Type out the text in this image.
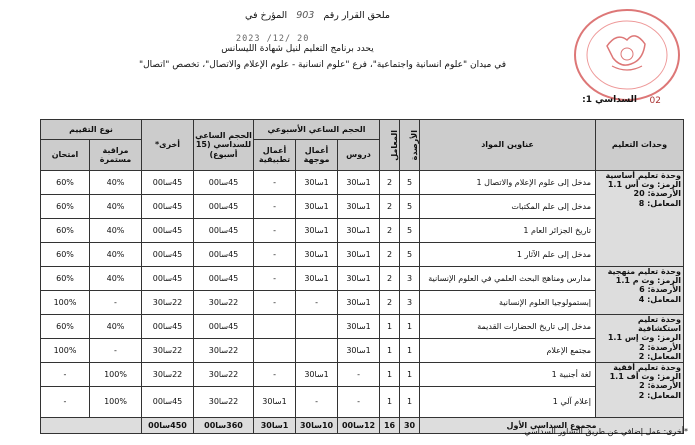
ملحق القرار رقم 903 المؤرخ في
2023 /12/ 20
يحدد برنامج التعليم لنيل شهادة الليسانس
في ميدان "علوم انسانية واجتماعية"، فرع "علوم انسانية - علوم الإعلام والاتصال"، تخصص "اتصال"
السداسي 1: 02
وحدات التعليم	عناوين المواد	الأرصدة	المعامل	الحجم الساعي الأسبوعي			الحجم الساعي للسداسي (15 أسبوع)	أخرى*	نوع التقييم	
				دروس	أعمال موجهة	أعمال تطبيقية			مراقبة مستمرة	امتحان

وحدة تعليم أساسية
الرمز: وت أس 1.1
الأرصدة: 20
المعامل: 8	مدخل إلى علوم الإعلام والاتصال 1	5	2	1سا30	1سا30	-	45سا00	45سا00	40%	60%
	مدخل إلى علم المكتبات	5	2	1سا30	1سا30	-	45سا00	45سا00	40%	60%
	تاريخ الجزائر العام 1	5	2	1سا30	1سا30	-	45سا00	45سا00	40%	60%
	مدخل إلى علم الآثار 1	5	2	1سا30	1سا30	-	45سا00	45سا00	40%	60%

وحدة تعليم منهجية
الرمز: وت م 1.1
الأرصدة: 6
المعامل: 4	مدارس ومناهج البحث العلمي في العلوم الإنسانية	3	2	1سا30	1سا30	-	45سا00	45سا00	40%	60%
	إبستمولوجيا العلوم الإنسانية	3	2	1سا30	-	-	22سا30	22سا30	-	100%

وحدة تعليم استكشافية
الرمز: وت إس 1.1
الأرصدة: 2
المعامل: 2	مدخل إلى تاريخ الحضارات القديمة	1	1	1سا30			45سا00	45سا00	40%	60%
	مجتمع الإعلام	1	1	1سا30			22سا30	22سا30	-	100%

وحدة تعليم أفقية
الرمز: وت أف 1.1
الأرصدة: 2
المعامل: 2	لغة أجنبية 1	1	1	-	1سا30	-	22سا30	22سا30	100%	-
	إعلام آلي 1	1	1	-	-	1سا30	22سا30	45سا00	100%	-
مجموع السداسي الأول		30	16	12سا00	10سا30	1سا30	360سا00	450سا00		
*أخرى: عمل إضافي عن طريق التشاور السداسي.
